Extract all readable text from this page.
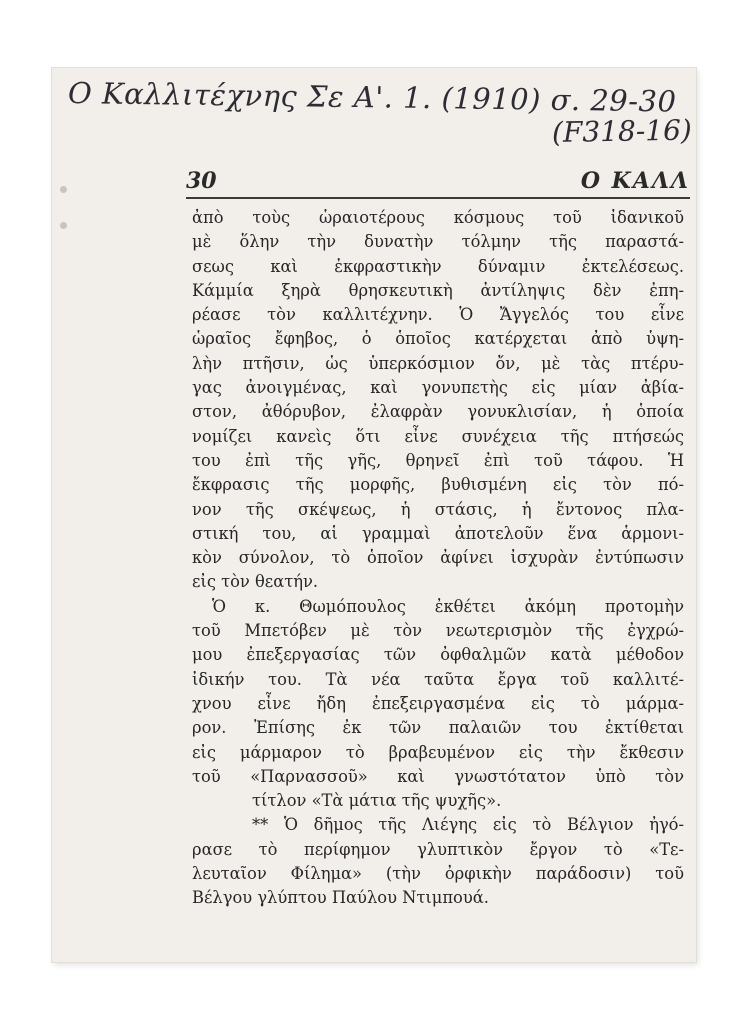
Ο Καλλιτέχνης Σε Α'. 1. (1910) σ. 29-30
(F318-16)
30	Ο ΚΑΛΛ
ἀπὸ τοὺς ὡραιοτέρους κόσμους τοῦ ἰδανικοῦ
μὲ ὅλην τὴν δυνατὴν τόλμην τῆς παραστά-
σεως καὶ ἐκφραστικὴν δύναμιν ἐκτελέσεως.
Κάμμία ξηρὰ θρησκευτικὴ ἀντίληψις δὲν ἐπη-
ρέασε τὸν καλλιτέχνην. Ὁ Ἄγγελός του εἶνε
ὡραῖος ἔφηβος, ὁ ὁποῖος κατέρχεται ἀπὸ ὑψη-
λὴν πτῆσιν, ὡς ὑπερκόσμιον ὄν, μὲ τὰς πτέρυ-
γας ἀνοιγμένας, καὶ γονυπετὴς εἰς μίαν ἀβία-
στον, ἀθόρυβον, ἐλαφρὰν γονυκλισίαν, ἡ ὁποία
νομίζει κανεὶς ὅτι εἶνε συνέχεια τῆς πτήσεώς
του ἐπὶ τῆς γῆς, θρηνεῖ ἐπὶ τοῦ τάφου. Ἡ
ἔκφρασις τῆς μορφῆς, βυθισμένη εἰς τὸν πό-
νον τῆς σκέψεως, ἡ στάσις, ἡ ἔντονος πλα-
στική του, αἱ γραμμαὶ ἀποτελοῦν ἕνα ἁρμονι-
κὸν σύνολον, τὸ ὁποῖον ἀφίνει ἰσχυρὰν ἐντύπωσιν
εἰς τὸν θεατήν.
Ὁ κ. Θωμόπουλος ἐκθέτει ἀκόμη προτομὴν
τοῦ Μπετόβεν μὲ τὸν νεωτερισμὸν τῆς ἐγχρώ-
μου ἐπεξεργασίας τῶν ὀφθαλμῶν κατὰ μέθοδον
ἰδικήν του. Τὰ νέα ταῦτα ἔργα τοῦ καλλιτέ-
χνου εἶνε ἤδη ἐπεξειργασμένα εἰς τὸ μάρμα-
ρον. Ἐπίσης ἐκ τῶν παλαιῶν του ἐκτίθεται
εἰς μάρμαρον τὸ βραβευμένον εἰς τὴν ἔκθεσιν
τοῦ «Παρνασσοῦ» καὶ γνωστότατον ὑπὸ τὸν
τίτλον «Τὰ μάτια τῆς ψυχῆς».
** Ὁ δῆμος τῆς Λιέγης εἰς τὸ Βέλγιον ἠγό-
ρασε τὸ περίφημον γλυπτικὸν ἔργον τὸ «Τε-
λευταῖον Φίλημα» (τὴν ὀρφικὴν παράδοσιν) τοῦ
Βέλγου γλύπτου Παύλου Ντιμπουά.
